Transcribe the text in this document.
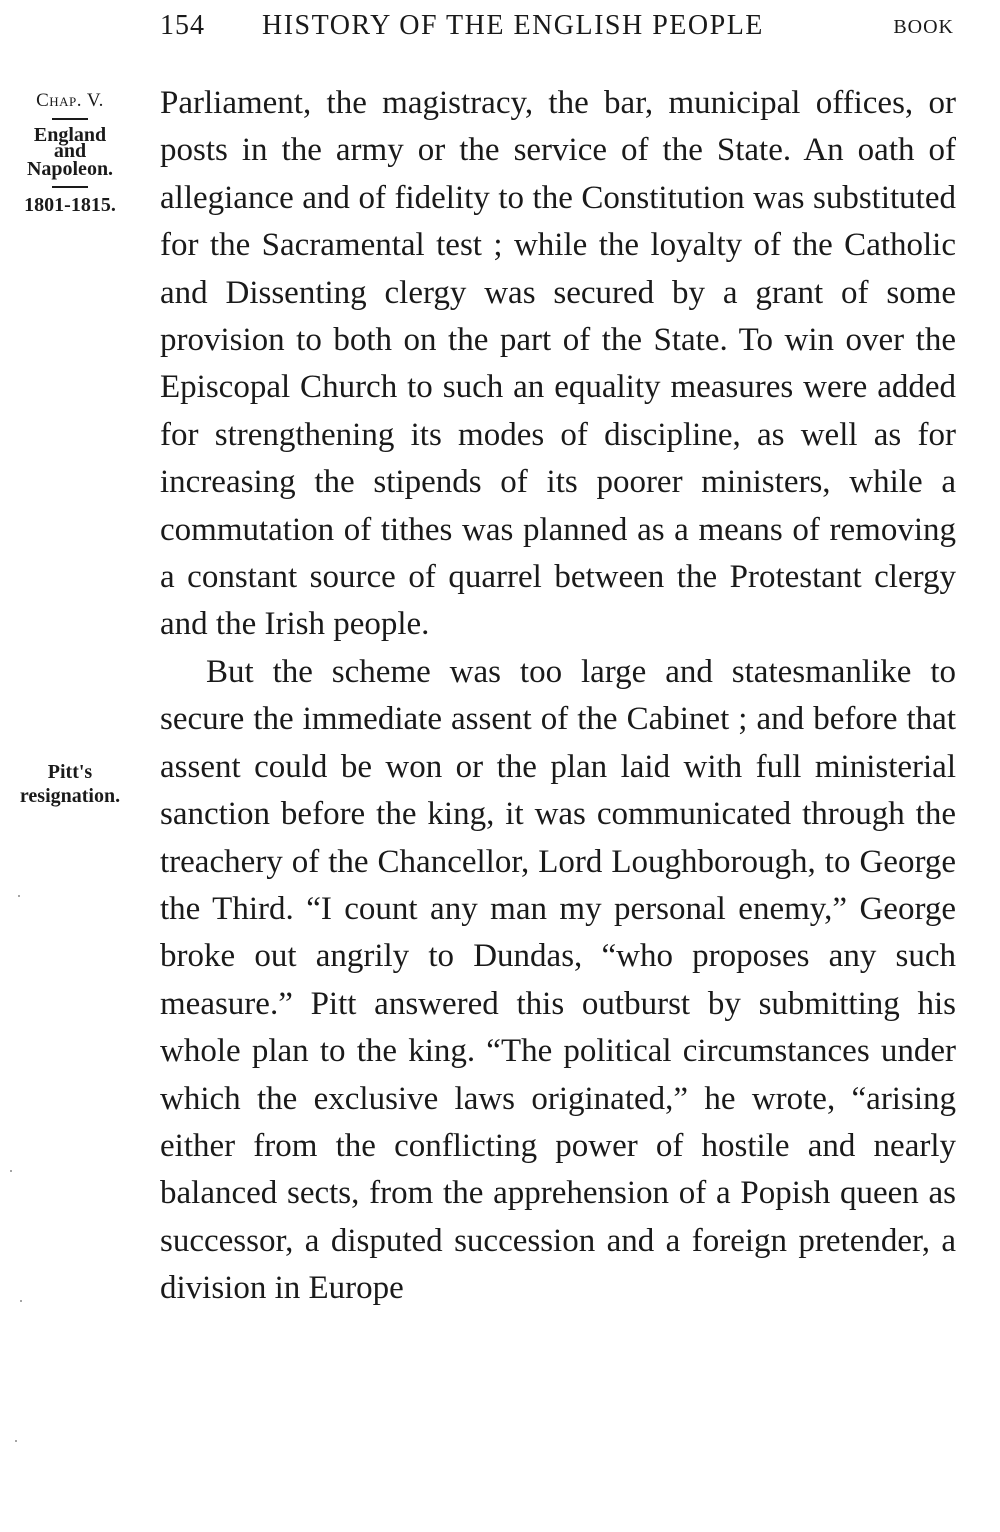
154 HISTORY OF THE ENGLISH PEOPLE	BOOK
Chap. V.
England
and
Napoleon.
1801-1815.
Pitt's
resignation.

Parliament, the magistracy, the bar, municipal offices, or posts in the army or the service of the State. An oath of allegiance and of fidelity to the Constitution was substituted for the Sacramental test ; while the loyalty of the Catholic and Dissenting clergy was secured by a grant of some provision to both on the part of the State. To win over the Episcopal Church to such an equality measures were added for strengthening its modes of discipline, as well as for increasing the stipends of its poorer ministers, while a commutation of tithes was planned as a means of removing a constant source of quarrel between the Protestant clergy and the Irish people.

But the scheme was too large and statesmanlike to secure the immediate assent of the Cabinet ; and before that assent could be won or the plan laid with full ministerial sanction before the king, it was communicated through the treachery of the Chancellor, Lord Loughborough, to George the Third. “I count any man my personal enemy,” George broke out angrily to Dundas, “who proposes any such measure.” Pitt answered this outburst by submitting his whole plan to the king. “The political circumstances under which the exclusive laws originated,” he wrote, “arising either from the conflicting power of hostile and nearly balanced sects, from the apprehension of a Popish queen as successor, a disputed succession and a foreign pretender, a division in Europe
